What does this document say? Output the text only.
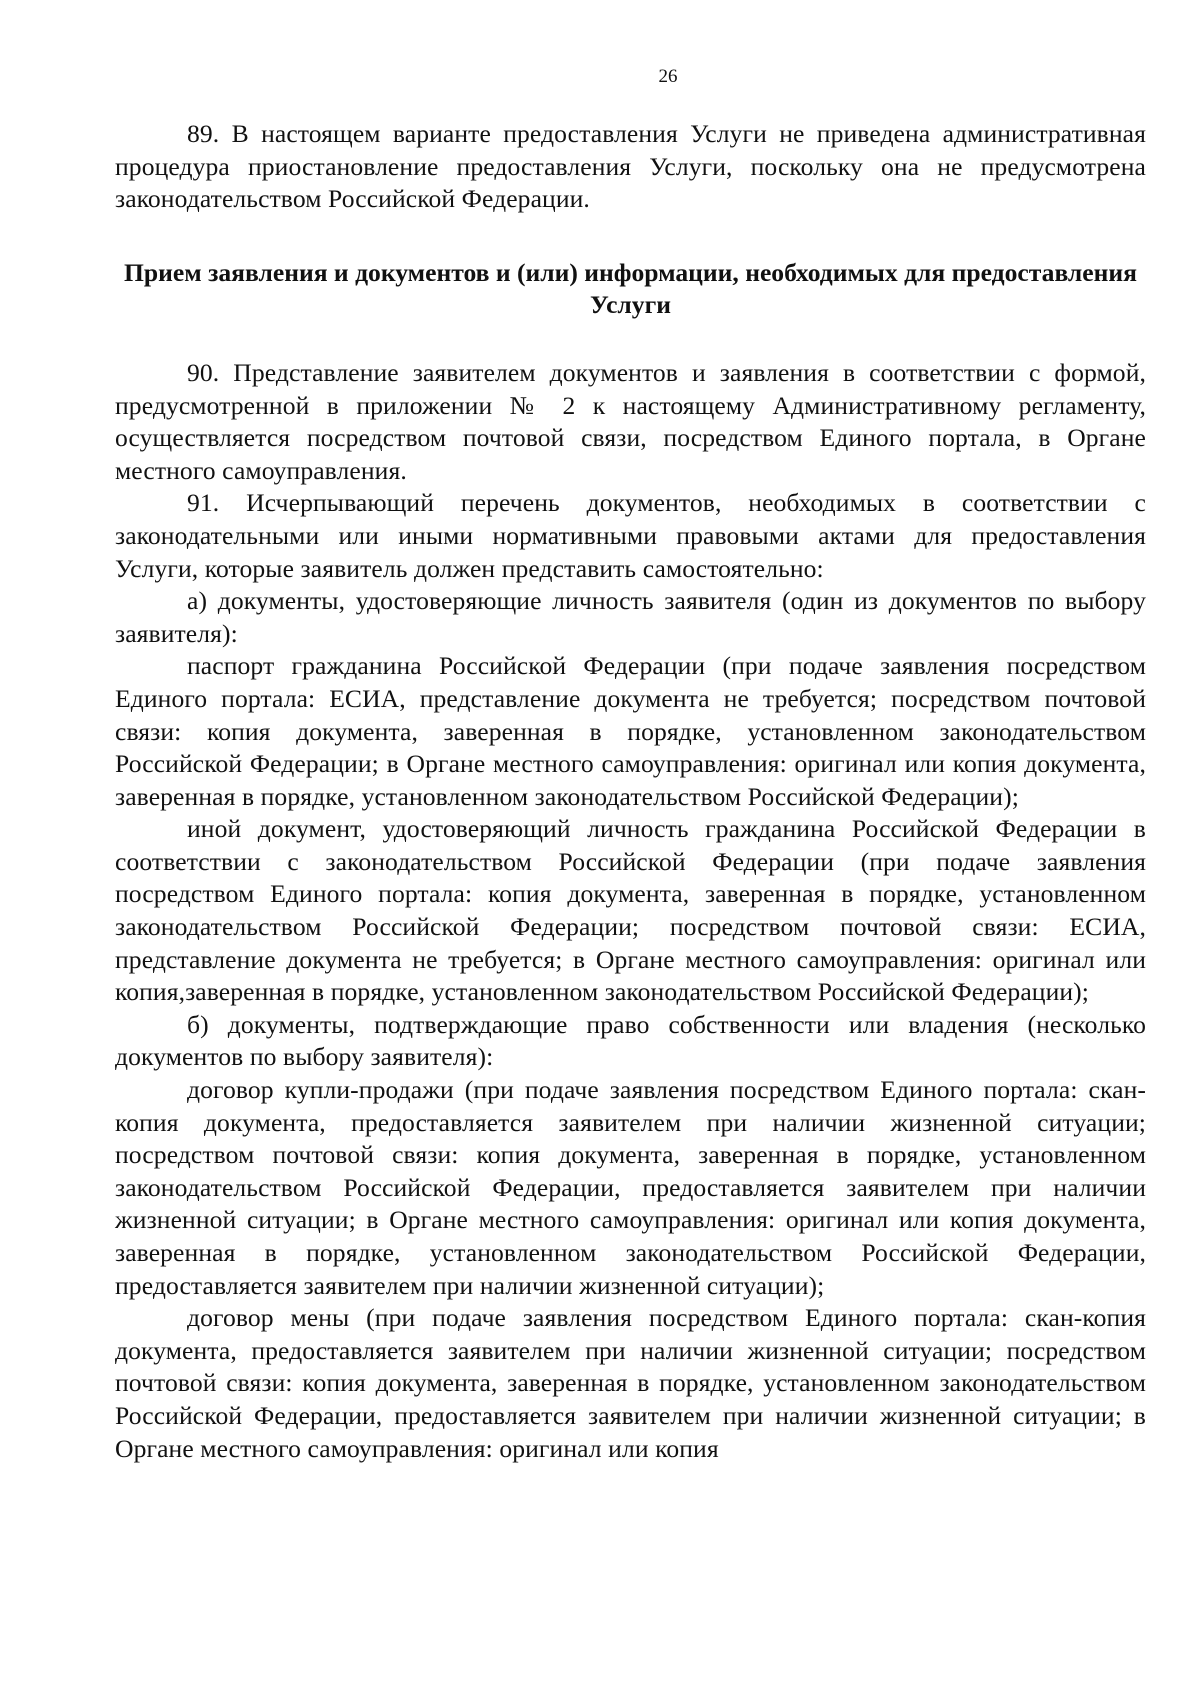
26

89. В настоящем варианте предоставления Услуги не приведена административная процедура приостановление предоставления Услуги, поскольку она не предусмотрена законодательством Российской Федерации.

Прием заявления и документов и (или) информации, необходимых для предоставления Услуги

90. Представление заявителем документов и заявления в соответствии с формой, предусмотренной в приложении № 2 к настоящему Административному регламенту, осуществляется посредством почтовой связи, посредством Единого портала, в Органе местного самоуправления.

91. Исчерпывающий перечень документов, необходимых в соответствии с законодательными или иными нормативными правовыми актами для предоставления Услуги, которые заявитель должен представить самостоятельно:

а) документы, удостоверяющие личность заявителя (один из документов по выбору заявителя):

паспорт гражданина Российской Федерации (при подаче заявления посредством Единого портала: ЕСИА, представление документа не требуется; посредством почтовой связи: копия документа, заверенная в порядке, установленном законодательством Российской Федерации; в Органе местного самоуправления: оригинал или копия документа, заверенная в порядке, установленном законодательством Российской Федерации);

иной документ, удостоверяющий личность гражданина Российской Федерации в соответствии с законодательством Российской Федерации (при подаче заявления посредством Единого портала: копия документа, заверенная в порядке, установленном законодательством Российской Федерации; посредством почтовой связи: ЕСИА, представление документа не требуется; в Органе местного самоуправления: оригинал или копия,заверенная в порядке, установленном законодательством Российской Федерации);

б) документы, подтверждающие право собственности или владения (несколько документов по выбору заявителя):

договор купли-продажи (при подаче заявления посредством Единого портала: скан-копия документа, предоставляется заявителем при наличии жизненной ситуации; посредством почтовой связи: копия документа, заверенная в порядке, установленном законодательством Российской Федерации, предоставляется заявителем при наличии жизненной ситуации; в Органе местного самоуправления: оригинал или копия документа, заверенная в порядке, установленном законодательством Российской Федерации, предоставляется заявителем при наличии жизненной ситуации);

договор мены (при подаче заявления посредством Единого портала: скан-копия документа, предоставляется заявителем при наличии жизненной ситуации; посредством почтовой связи: копия документа, заверенная в порядке, установленном законодательством Российской Федерации, предоставляется заявителем при наличии жизненной ситуации; в Органе местного самоуправления: оригинал или копия
